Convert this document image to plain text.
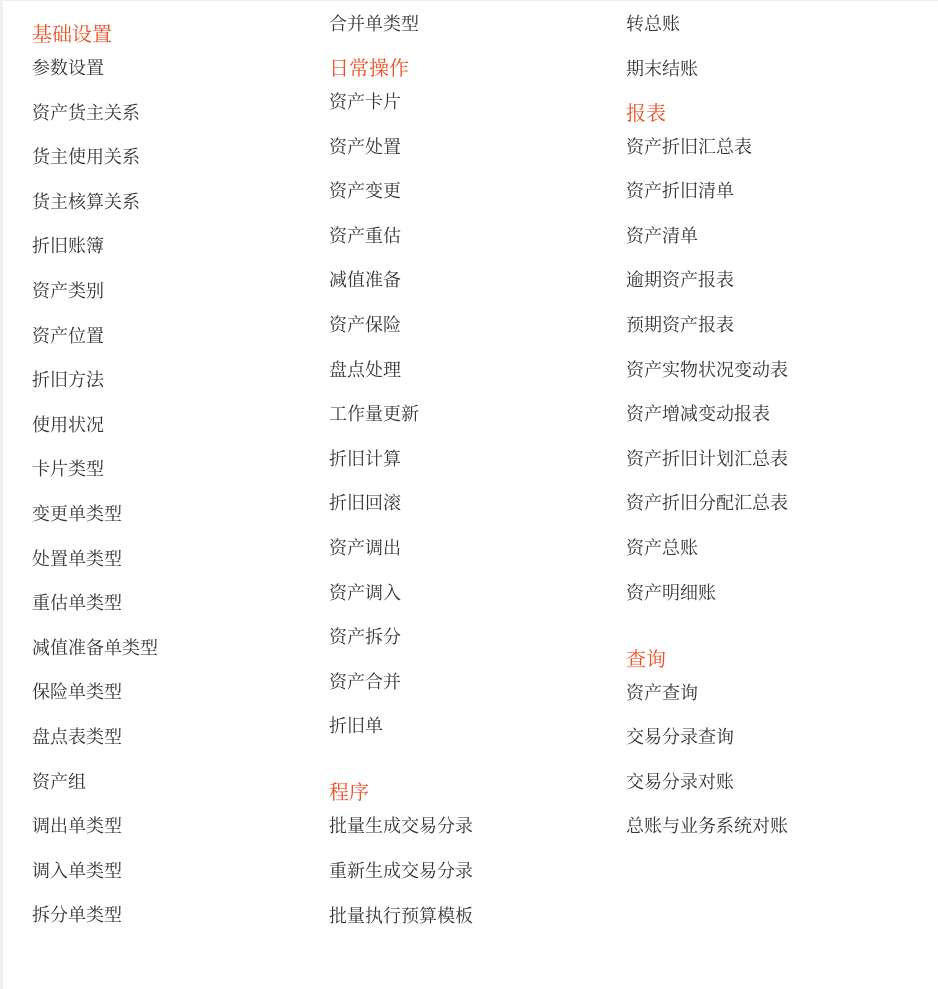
基础设置
参数设置
资产货主关系
货主使用关系
货主核算关系
折旧账簿
资产类别
资产位置
折旧方法
使用状况
卡片类型
变更单类型
处置单类型
重估单类型
减值准备单类型
保险单类型
盘点表类型
资产组
调出单类型
调入单类型
拆分单类型
合并单类型
日常操作
资产卡片
资产处置
资产变更
资产重估
减值准备
资产保险
盘点处理
工作量更新
折旧计算
折旧回滚
资产调出
资产调入
资产拆分
资产合并
折旧单
程序
批量生成交易分录
重新生成交易分录
批量执行预算模板
转总账
期末结账
报表
资产折旧汇总表
资产折旧清单
资产清单
逾期资产报表
预期资产报表
资产实物状况变动表
资产增减变动报表
资产折旧计划汇总表
资产折旧分配汇总表
资产总账
资产明细账
查询
资产查询
交易分录查询
交易分录对账
总账与业务系统对账
